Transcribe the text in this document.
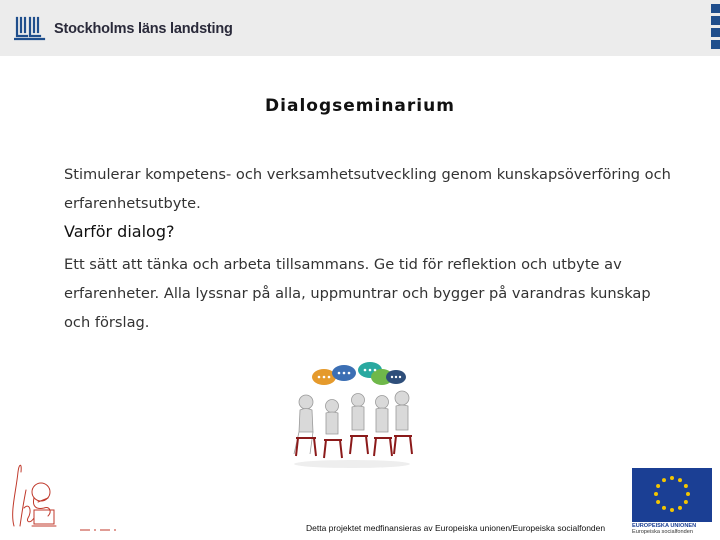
Stockholms läns landsting
Dialogseminarium
Stimulerar kompetens- och verksamhetsutveckling genom kunskapsöverföring och erfarenhetsutbyte.
Varför dialog?
Ett sätt att tänka och arbeta tillsammans. Ge tid för reflektion och utbyte av erfarenheter. Alla lyssnar på alla, uppmuntrar och bygger på varandras kunskap och förslag.
Detta projektet medfinansieras av Europeiska unionen/Europeiska socialfonden	EUROPEISKA UNIONEN
Europeiska socialfonden
